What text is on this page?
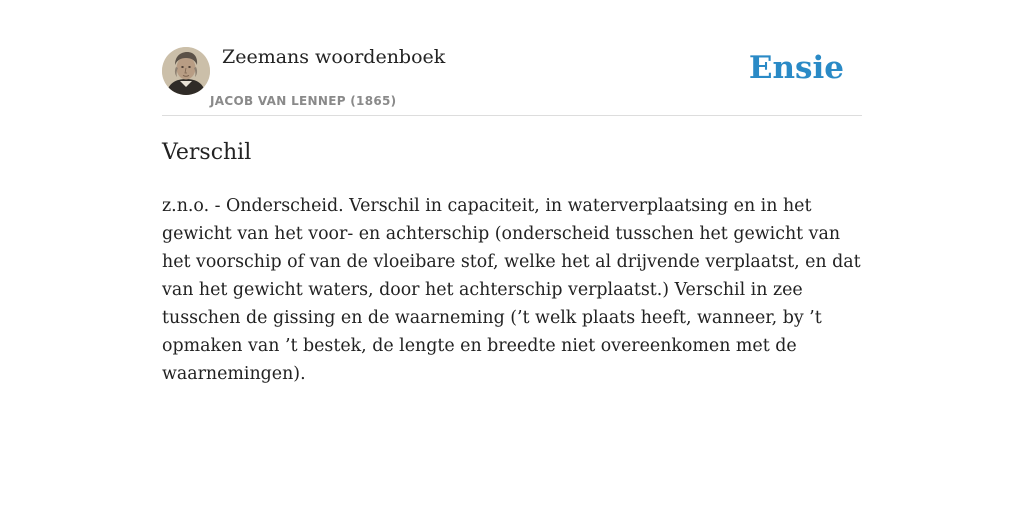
Zeemans woordenboek
JACOB VAN LENNEP (1865)
Ensie
Verschil

z.n.o. - Onderscheid. Verschil in capaciteit, in waterverplaatsing en in het gewicht van het voor- en achterschip (onderscheid tusschen het gewicht van het voorschip of van de vloeibare stof, welke het al drijvende verplaatst, en dat van het gewicht waters, door het achterschip verplaatst.) Verschil in zee tusschen de gissing en de waarneming (’t welk plaats heeft, wanneer, by ’t opmaken van ’t bestek, de lengte en breedte niet overeenkomen met de waarnemingen).
